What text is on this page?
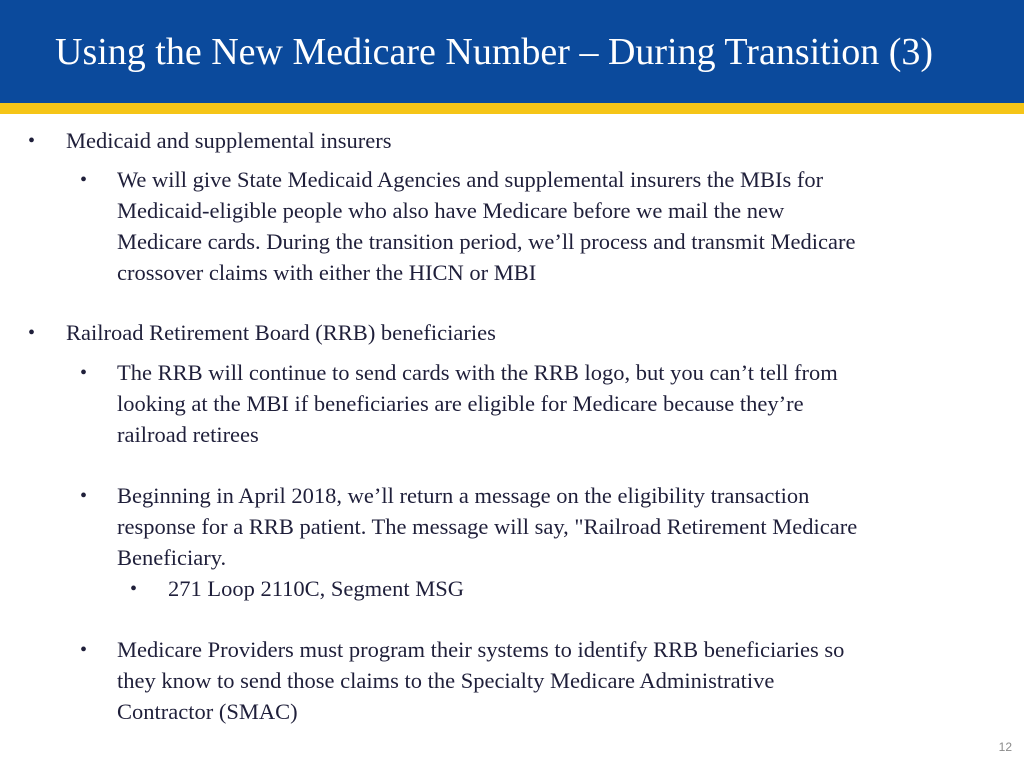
Using the New Medicare Number – During Transition (3)
• Medicaid and supplemental insurers
• We will give State Medicaid Agencies and supplemental insurers the MBIs for
Medicaid-eligible people who also have Medicare before we mail the new
Medicare cards. During the transition period, we’ll process and transmit Medicare
crossover claims with either the HICN or MBI
• Railroad Retirement Board (RRB) beneficiaries
• The RRB will continue to send cards with the RRB logo, but you can’t tell from
looking at the MBI if beneficiaries are eligible for Medicare because they’re
railroad retirees
• Beginning in April 2018, we’ll return a message on the eligibility transaction
response for a RRB patient. The message will say, "Railroad Retirement Medicare
Beneficiary.
• 271 Loop 2110C, Segment MSG
• Medicare Providers must program their systems to identify RRB beneficiaries so
they know to send those claims to the Specialty Medicare Administrative
Contractor (SMAC)
12
